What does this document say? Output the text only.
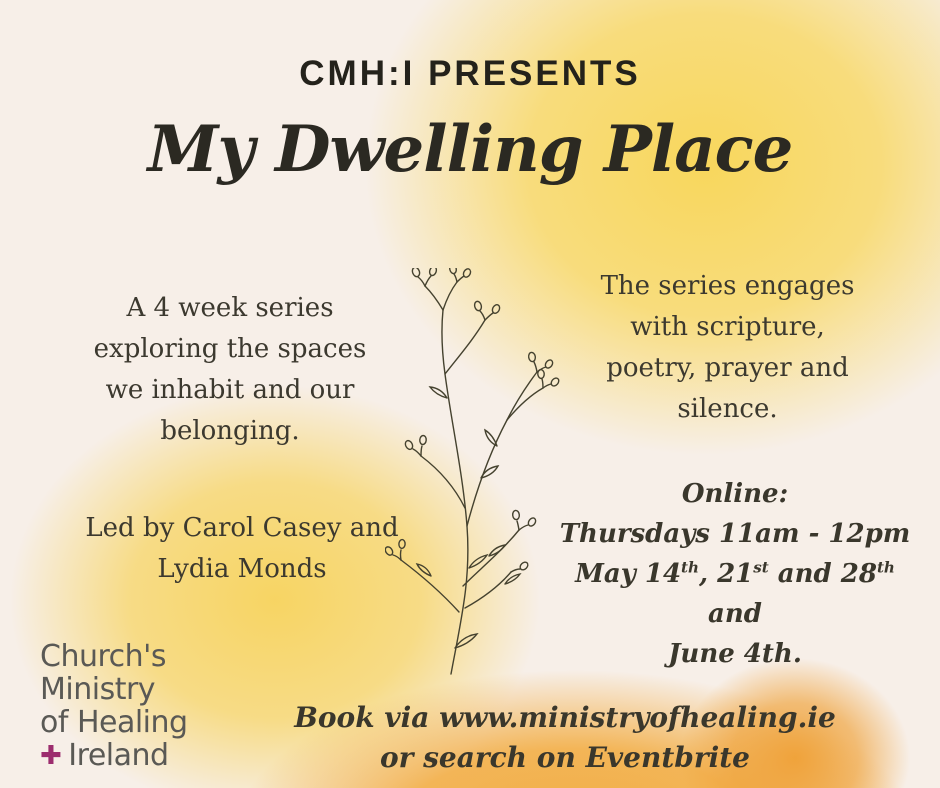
CMH:I PRESENTS
My Dwelling Place
A 4 week series
exploring the spaces
we inhabit and our
belonging.
The series engages
with scripture,
poetry, prayer and
silence.
Led by Carol Casey and
Lydia Monds
Online:
Thursdays 11am - 12pm
May 14th, 21st and 28th and
June 4th.
Book via www.ministryofhealing.ie
or search on Eventbrite
Church's
Ministry
of Healing
✚ Ireland
